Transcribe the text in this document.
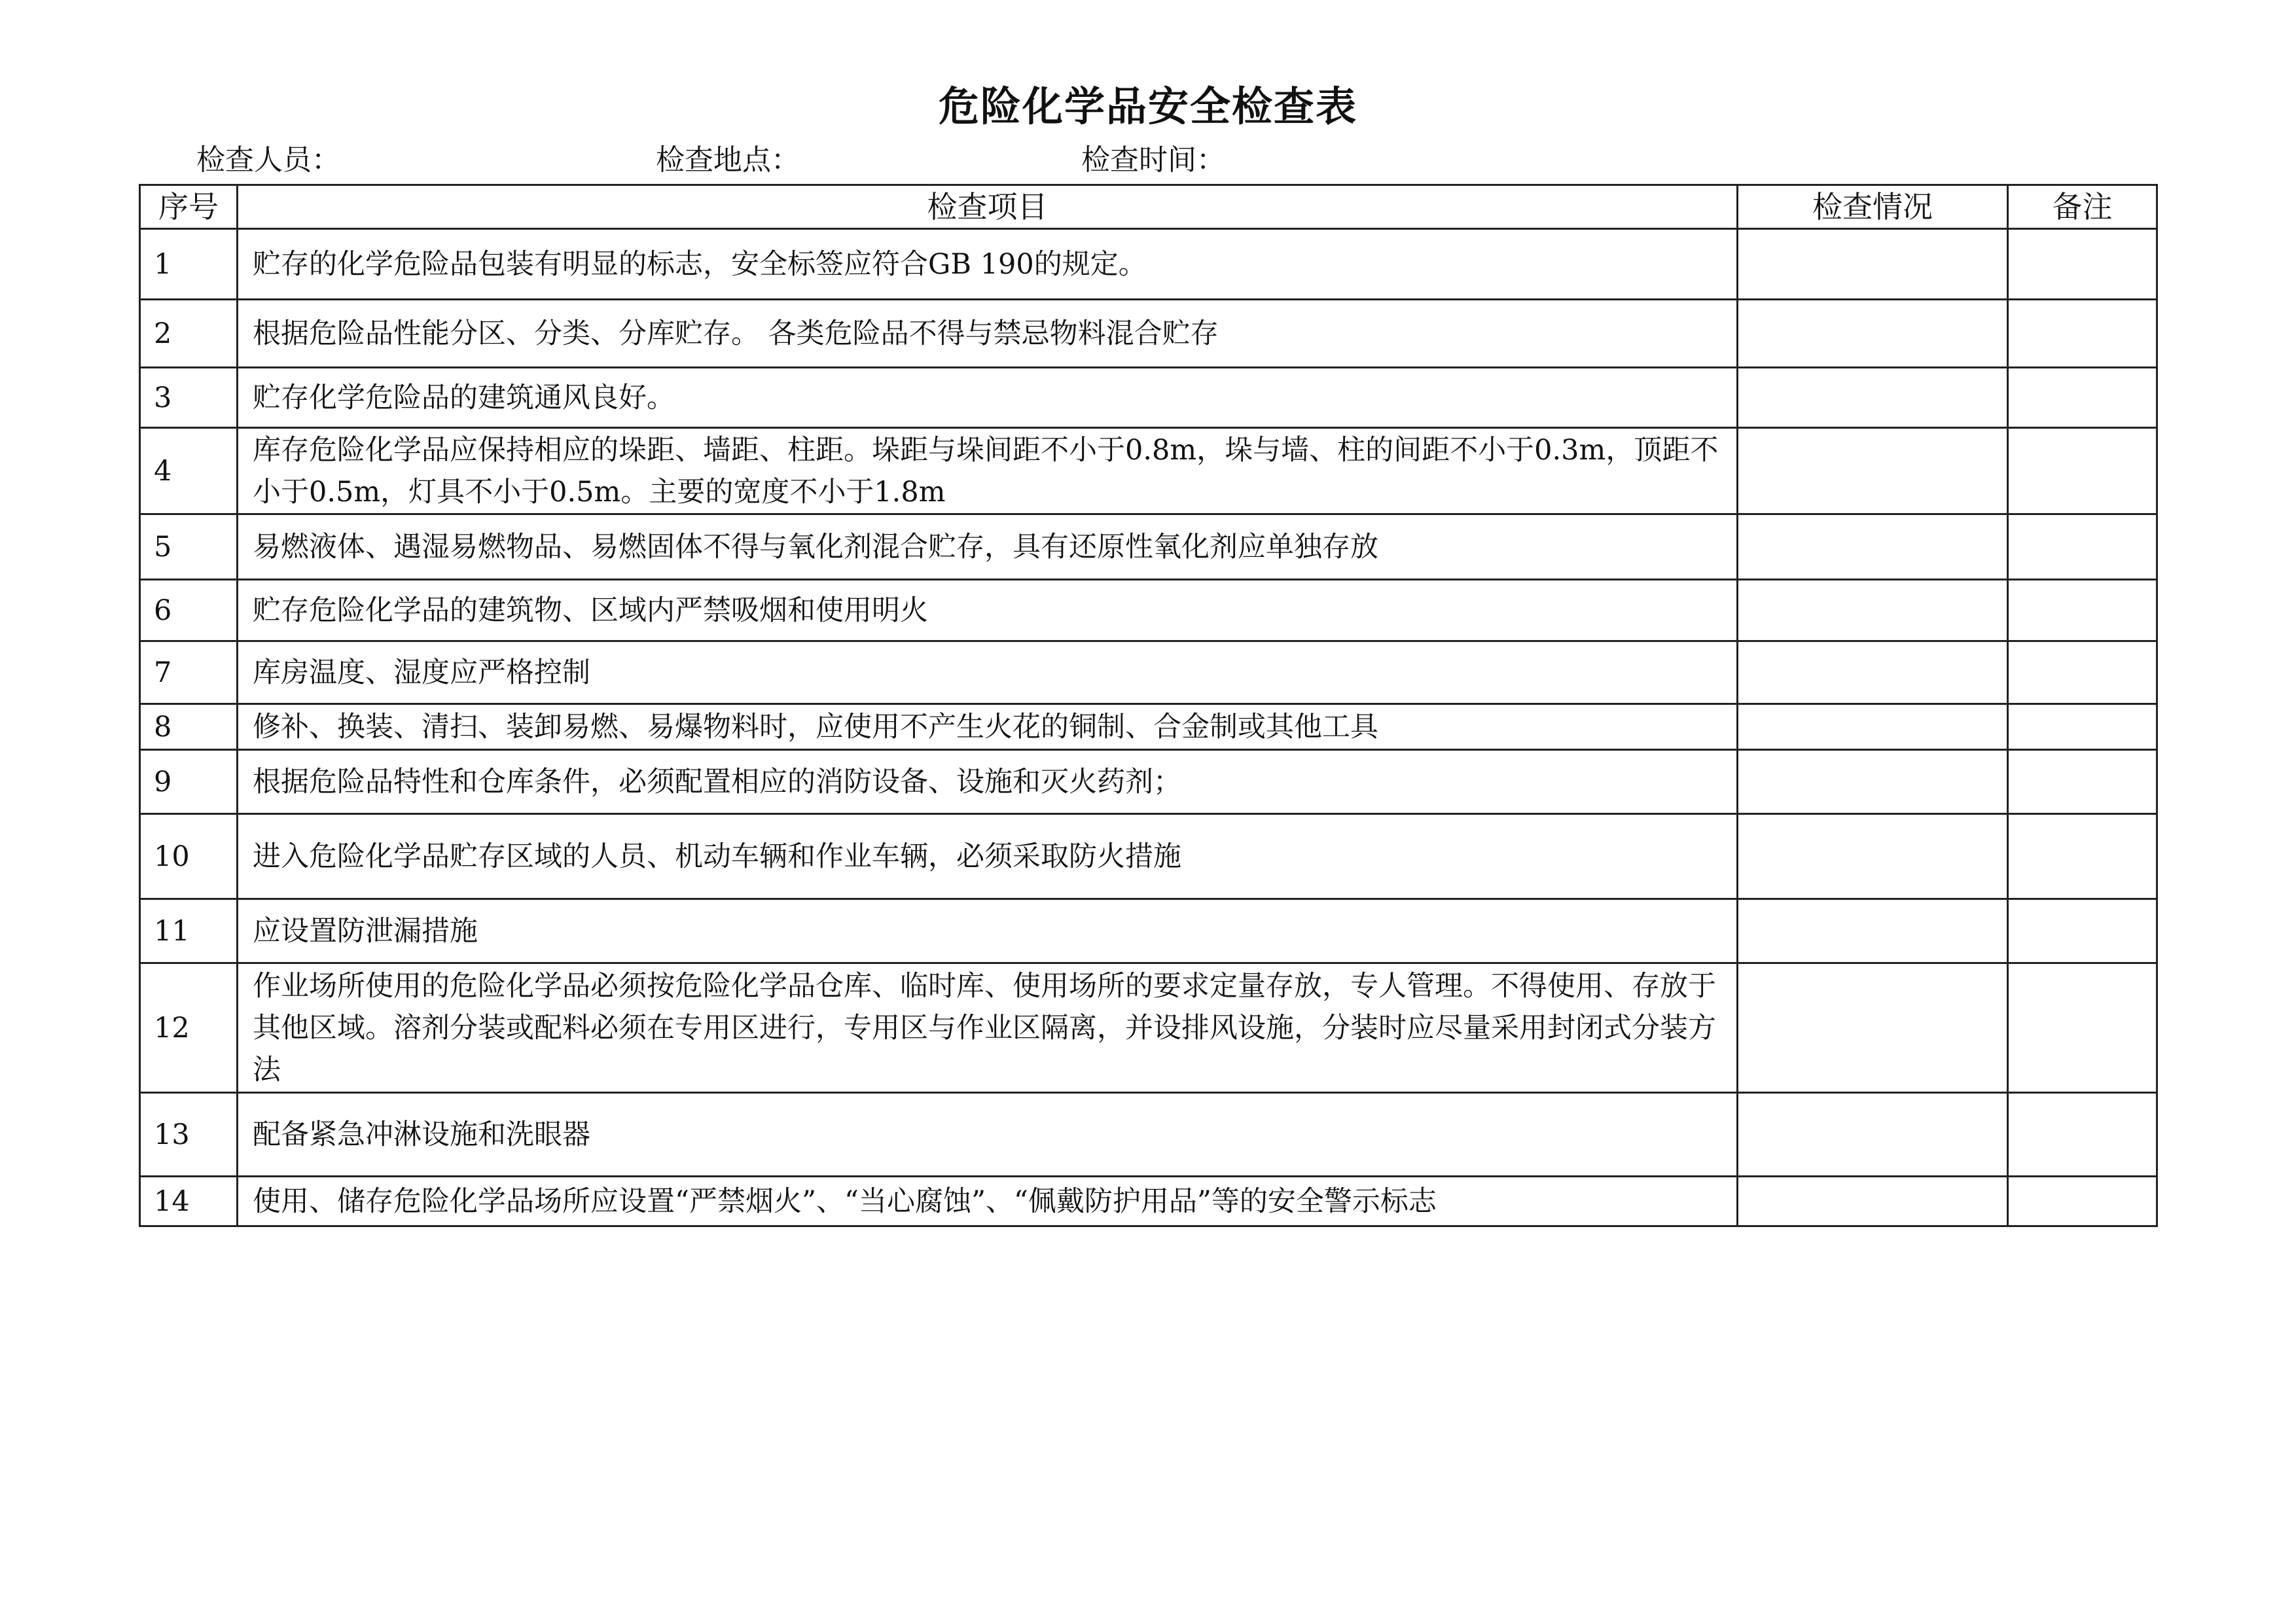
危险化学品安全检查表
检查人员：	检查地点：	检查时间：
序号	检查项目	检查情况	备注
1	贮存的化学危险品包装有明显的标志，安全标签应符合GB 190的规定。		
2	根据危险品性能分区、分类、分库贮存。 各类危险品不得与禁忌物料混合贮存		
3	贮存化学危险品的建筑通风良好。		
4	库存危险化学品应保持相应的垛距、墙距、柱距。垛距与垛间距不小于0.8m，垛与墙、柱的间距不小于0.3m，顶距不小于0.5m，灯具不小于0.5m。主要的宽度不小于1.8m		
5	易燃液体、遇湿易燃物品、易燃固体不得与氧化剂混合贮存，具有还原性氧化剂应单独存放		
6	贮存危险化学品的建筑物、区域内严禁吸烟和使用明火		
7	库房温度、湿度应严格控制		
8	修补、换装、清扫、装卸易燃、易爆物料时，应使用不产生火花的铜制、合金制或其他工具		
9	根据危险品特性和仓库条件，必须配置相应的消防设备、设施和灭火药剂；		
10	进入危险化学品贮存区域的人员、机动车辆和作业车辆，必须采取防火措施		
11	应设置防泄漏措施		
12	作业场所使用的危险化学品必须按危险化学品仓库、临时库、使用场所的要求定量存放，专人管理。不得使用、存放于其他区域。溶剂分装或配料必须在专用区进行，专用区与作业区隔离，并设排风设施，分装时应尽量采用封闭式分装方法		
13	配备紧急冲淋设施和洗眼器		
14	使用、储存危险化学品场所应设置“严禁烟火”、“当心腐蚀”、“佩戴防护用品”等的安全警示标志		
